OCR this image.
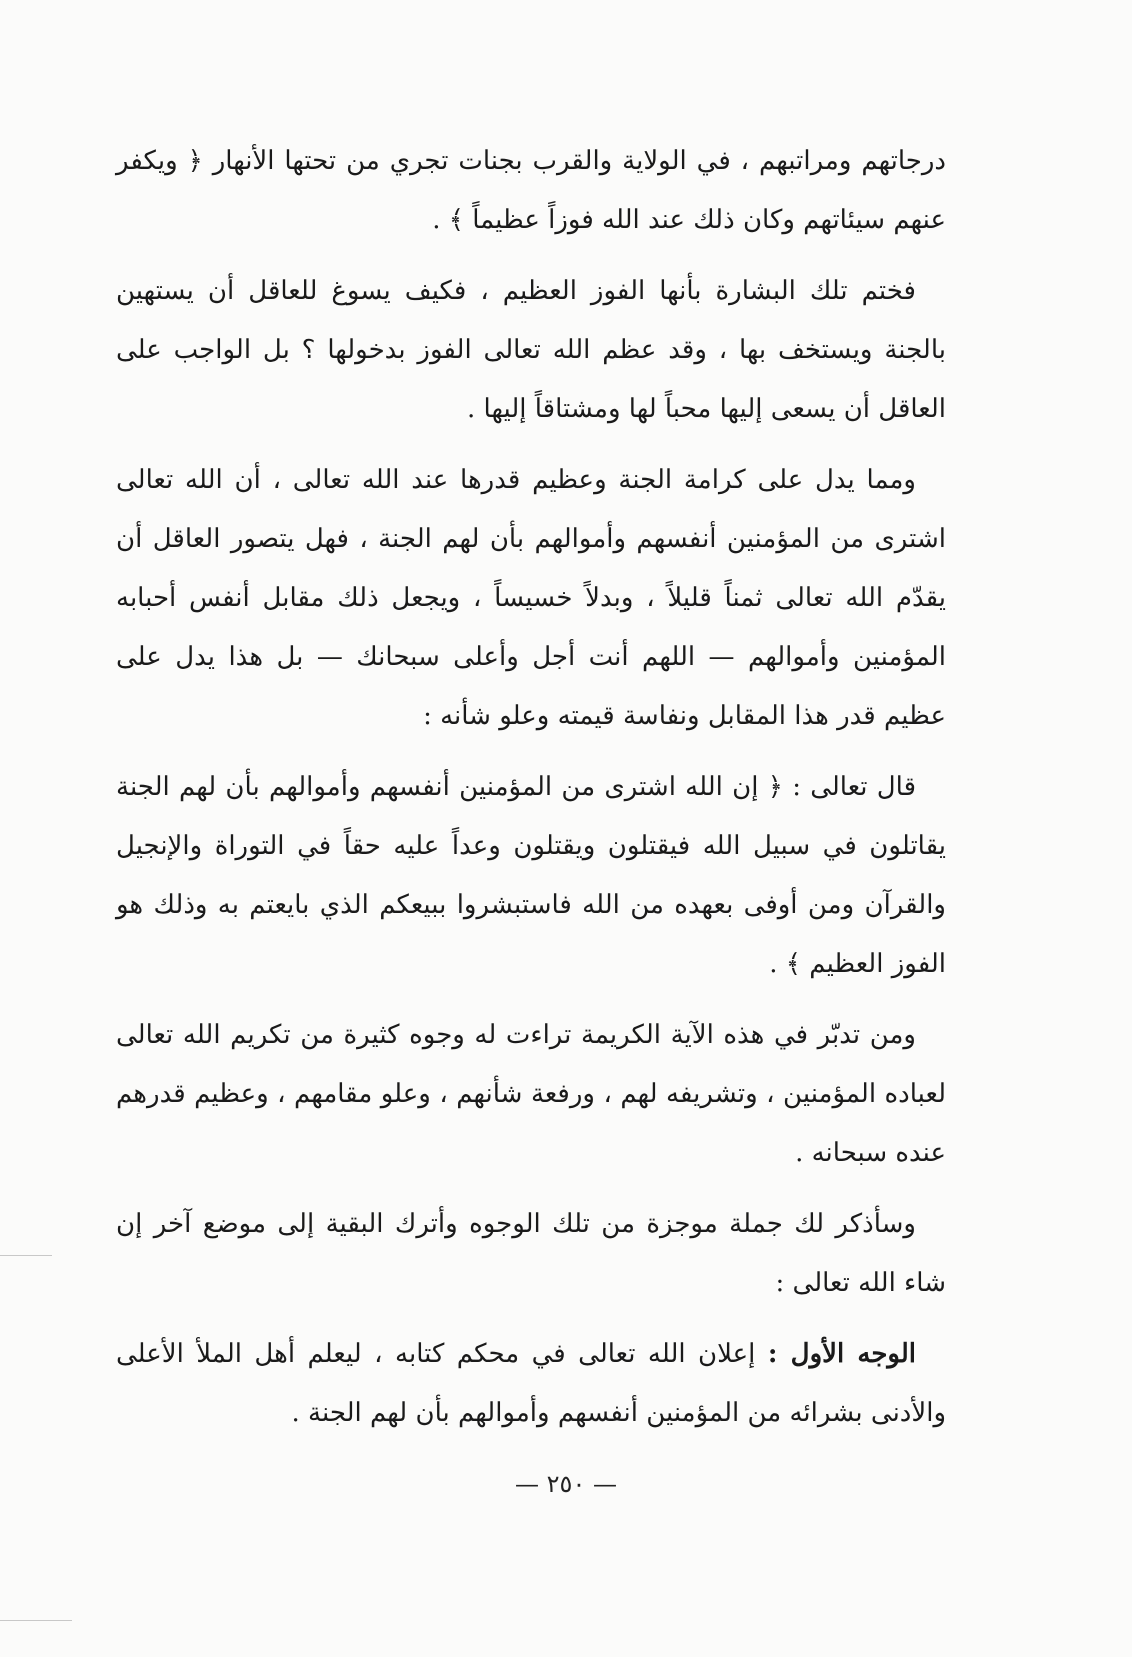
درجاتهم ومراتبهم ، في الولاية والقرب بجنات تجري من تحتها الأنهار ﴿ ويكفر عنهم سيئاتهم وكان ذلك عند الله فوزاً عظيماً ﴾ .

فختم تلك البشارة بأنها الفوز العظيم ، فكيف يسوغ للعاقل أن يستهين بالجنة ويستخف بها ، وقد عظم الله تعالى الفوز بدخولها ؟ بل الواجب على العاقل أن يسعى إليها محباً لها ومشتاقاً إليها .

ومما يدل على كرامة الجنة وعظيم قدرها عند الله تعالى ، أن الله تعالى اشترى من المؤمنين أنفسهم وأموالهم بأن لهم الجنة ، فهل يتصور العاقل أن يقدّم الله تعالى ثمناً قليلاً ، وبدلاً خسيساً ، ويجعل ذلك مقابل أنفس أحبابه المؤمنين وأموالهم — اللهم أنت أجل وأعلى سبحانك — بل هذا يدل على عظيم قدر هذا المقابل ونفاسة قيمته وعلو شأنه :

قال تعالى : ﴿ إن الله اشترى من المؤمنين أنفسهم وأموالهم بأن لهم الجنة يقاتلون في سبيل الله فيقتلون ويقتلون وعداً عليه حقاً في التوراة والإنجيل والقرآن ومن أوفى بعهده من الله فاستبشروا ببيعكم الذي بايعتم به وذلك هو الفوز العظيم ﴾ .

ومن تدبّر في هذه الآية الكريمة تراءت له وجوه كثيرة من تكريم الله تعالى لعباده المؤمنين ، وتشريفه لهم ، ورفعة شأنهم ، وعلو مقامهم ، وعظيم قدرهم عنده سبحانه .

وسأذكر لك جملة موجزة من تلك الوجوه وأترك البقية إلى موضع آخر إن شاء الله تعالى :

الوجه الأول : إعلان الله تعالى في محكم كتابه ، ليعلم أهل الملأ الأعلى والأدنى بشرائه من المؤمنين أنفسهم وأموالهم بأن لهم الجنة .

— ٢٥٠ —
